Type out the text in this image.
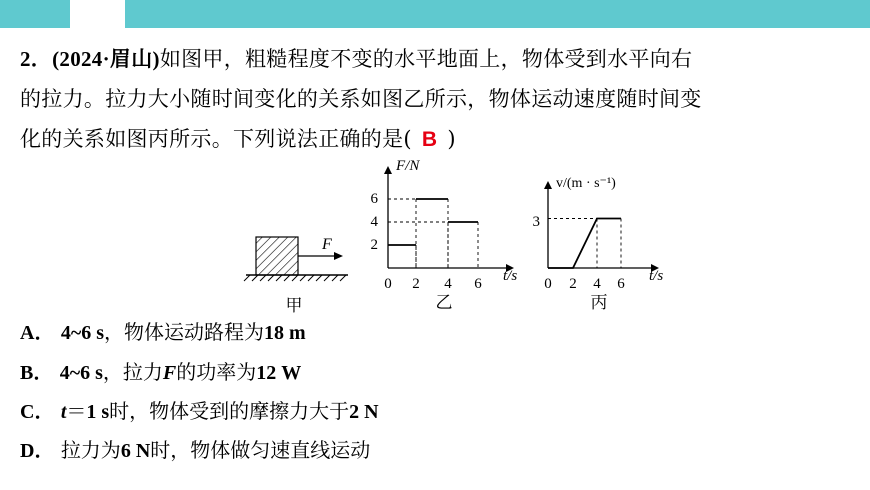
2．(2024·眉山)如图甲，粗糙程度不变的水平地面上，物体受到水平向右
的拉力。拉力大小随时间变化的关系如图乙所示，物体运动速度随时间变
化的关系如图丙所示。下列说法正确的是( B )
F
甲
F/N
t/s
6
4
2
0 2 4 6
乙
v/(m · s⁻¹)
t/s
3
0 2 4 6
丙
A． 4~6 s，物体运动路程为18 m
B． 4~6 s，拉力F的功率为12 W
C． t＝1 s时，物体受到的摩擦力大于2 N
D． 拉力为6 N时，物体做匀速直线运动
